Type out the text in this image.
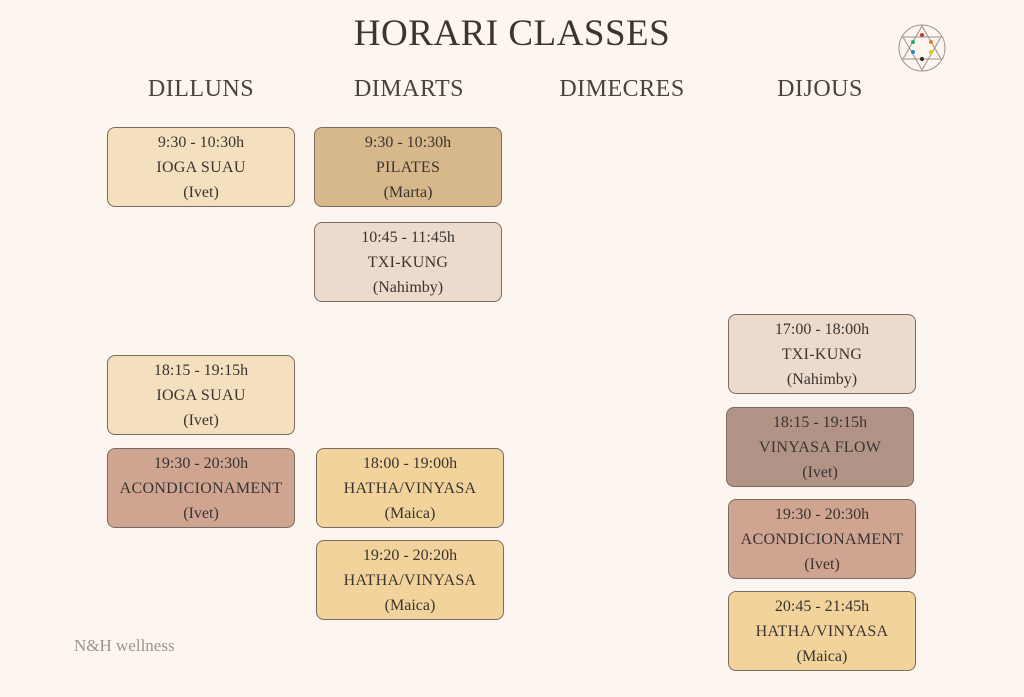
HORARI CLASSES
DILLUNS	DIMARTS	DIMECRES	DIJOUS
9:30 - 10:30h
IOGA SUAU
(Ivet)
18:15 - 19:15h
IOGA SUAU
(Ivet)
19:30 - 20:30h
ACONDICIONAMENT
(Ivet)
9:30 - 10:30h
PILATES
(Marta)
10:45 - 11:45h
TXI-KUNG
(Nahimby)
18:00 - 19:00h
HATHA/VINYASA
(Maica)
19:20 - 20:20h
HATHA/VINYASA
(Maica)
17:00 - 18:00h
TXI-KUNG
(Nahimby)
18:15 - 19:15h
VINYASA FLOW
(Ivet)
19:30 - 20:30h
ACONDICIONAMENT
(Ivet)
20:45 - 21:45h
HATHA/VINYASA
(Maica)
N&H wellness
